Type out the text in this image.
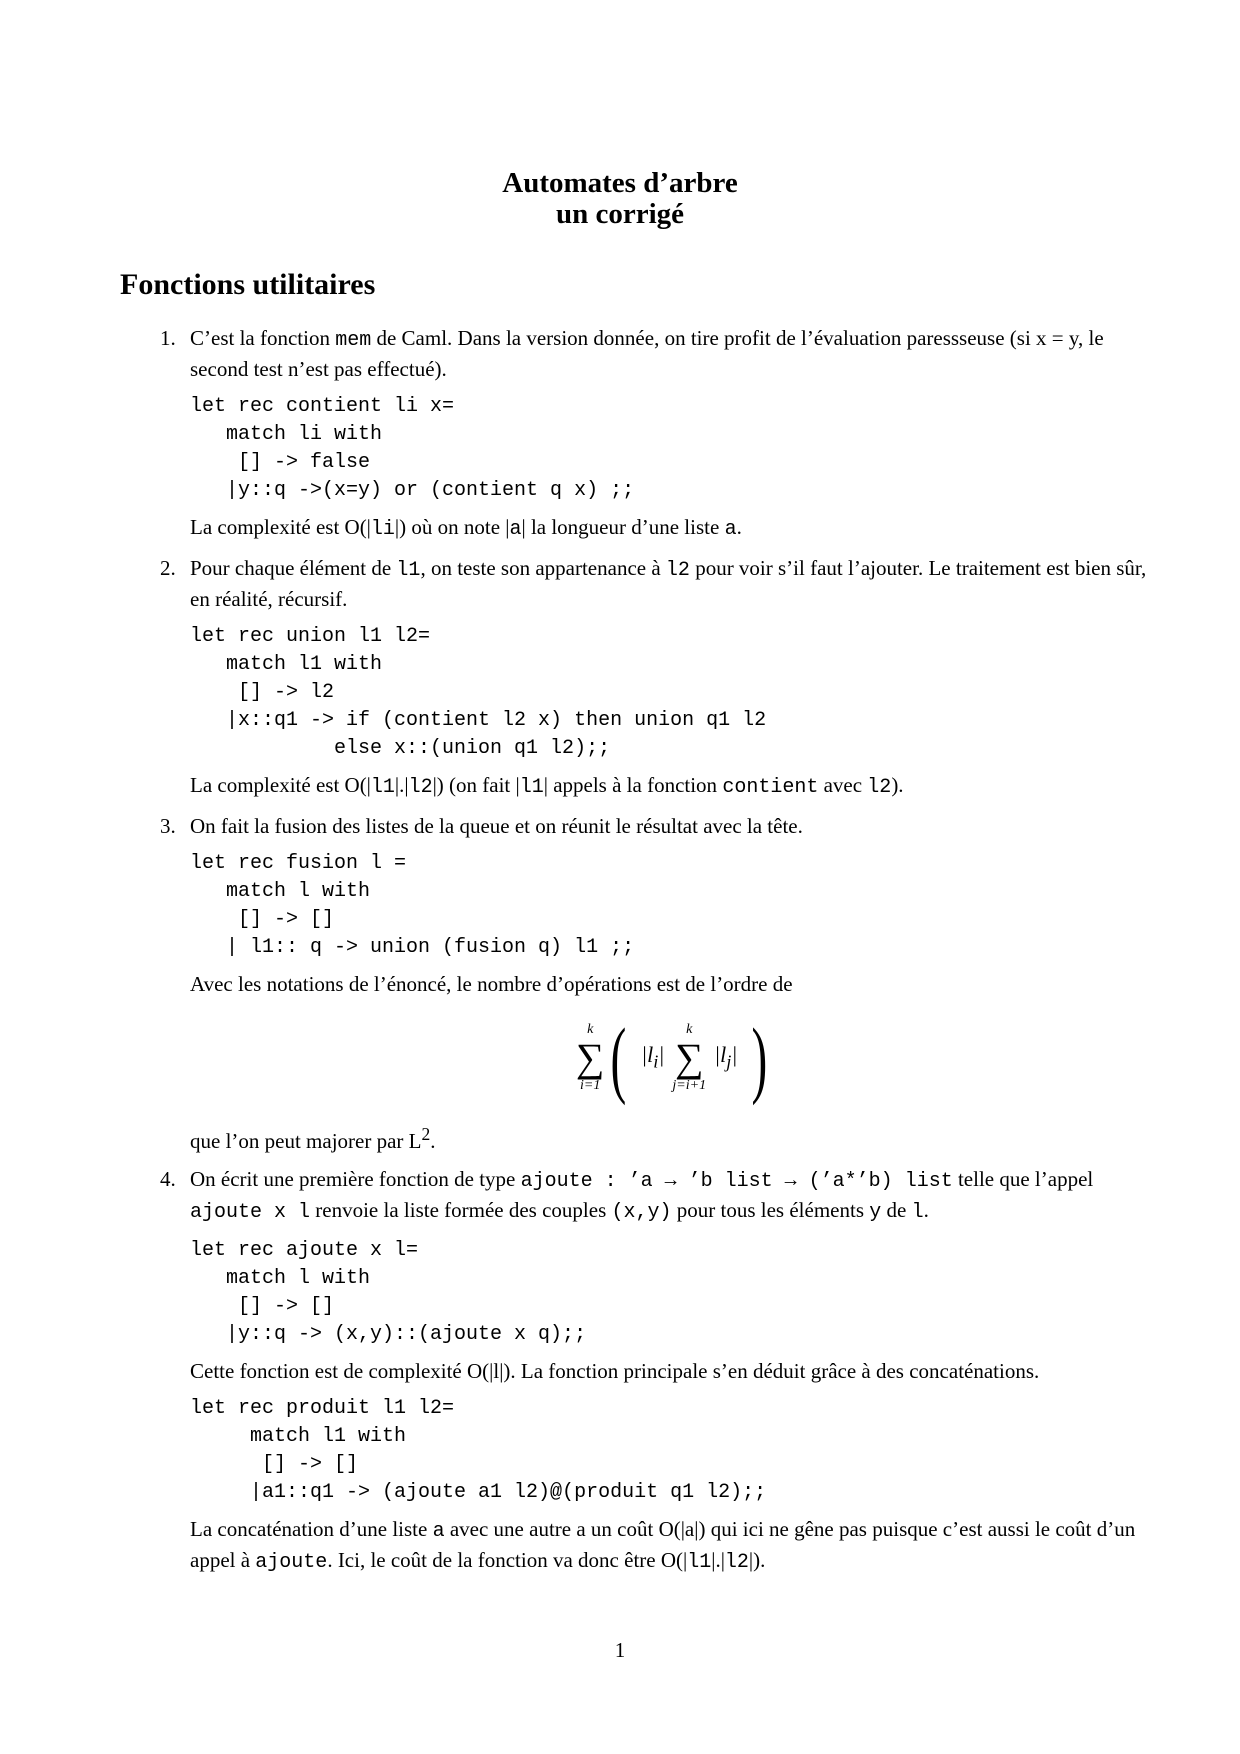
Automates d’arbre
un corrigé
Fonctions utilitaires
1. C’est la fonction mem de Caml. Dans la version donnée, on tire profit de l’évaluation paressseuse (si x = y, le second test n’est pas effectué).

let rec contient li x=
match li with
[] -> false
|y::q ->(x=y) or (contient q x) ;;

La complexité est O(|li|) où on note |a| la longueur d’une liste a.

2. Pour chaque élément de l1, on teste son appartenance à l2 pour voir s’il faut l’ajouter. Le traitement est bien sûr, en réalité, récursif.

let rec union l1 l2=
match l1 with
[] -> l2
|x::q1 -> if (contient l2 x) then union q1 l2
else x::(union q1 l2);;

La complexité est O(|l1|.|l2|) (on fait |l1| appels à la fonction contient avec l2).

3. On fait la fusion des listes de la queue et on réunit le résultat avec la tête.

let rec fusion l =
match l with
[] -> []
| l1:: q -> union (fusion q) l1 ;;

Avec les notations de l’énoncé, le nombre d’opérations est de l’ordre de

k
∑
i=1 ( $|l_i|$
k
∑
j=i+1
$|l_j|$ )

que l’on peut majorer par $L^2$.

4. On écrit une première fonction de type ajoute : ’a → ’b list → (’a*’b) list telle que l’appel ajoute x l renvoie la liste formée des couples (x,y) pour tous les éléments y de l.

let rec ajoute x l=
match l with
[] -> []
|y::q -> (x,y)::(ajoute x q);;

Cette fonction est de complexité O(|l|). La fonction principale s’en déduit grâce à des concaténations.

let rec produit l1 l2=
match l1 with
[] -> []
|a1::q1 -> (ajoute a1 l2)@(produit q1 l2);;

La concaténation d’une liste a avec une autre a un coût O(|a|) qui ici ne gêne pas puisque c’est aussi le coût d’un appel à ajoute. Ici, le coût de la fonction va donc être O(|l1|.|l2|).

1
